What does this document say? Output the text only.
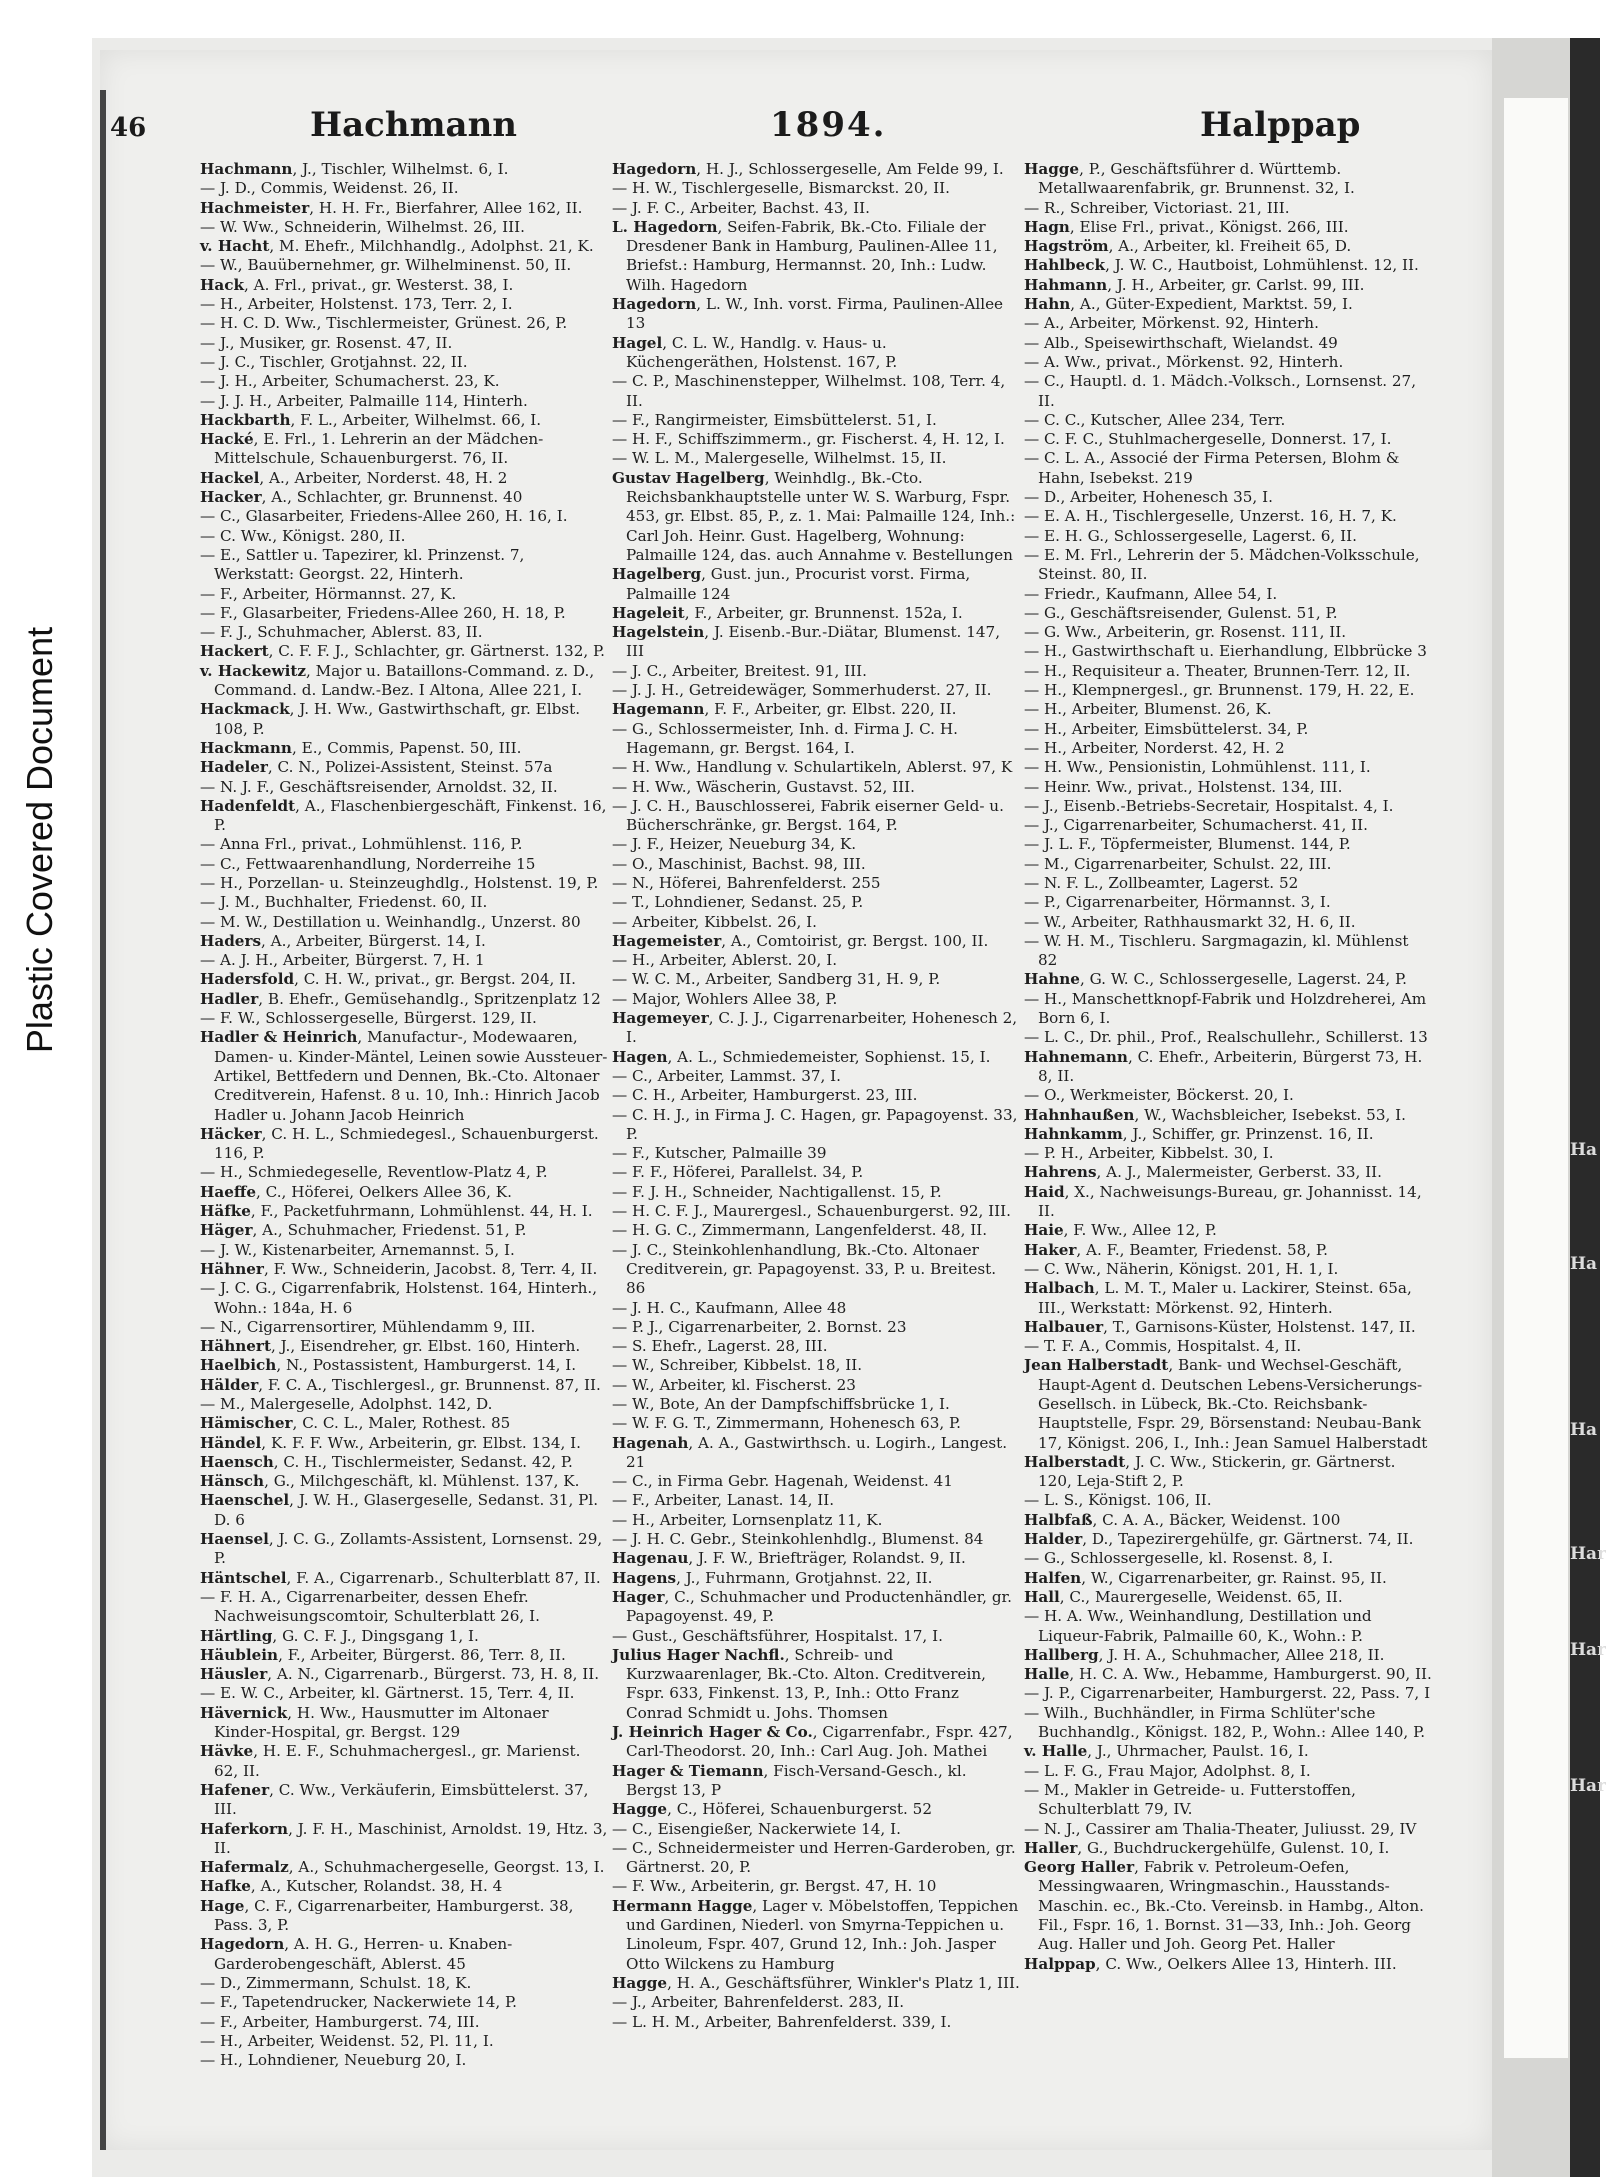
Plastic Covered Document
Ha
Ha
Ha
Har
Har
Har
46	Hachmann	1894.	Halppap

Hachmann, J., Tischler, Wilhelmst. 6, I.

— J. D., Commis, Weidenst. 26, II.

Hachmeister, H. H. Fr., Bierfahrer, Allee 162, II.

— W. Ww., Schneiderin, Wilhelmst. 26, III.

v. Hacht, M. Ehefr., Milchhandlg., Adolphst. 21, K.

— W., Bauübernehmer, gr. Wilhelminenst. 50, II.

Hack, A. Frl., privat., gr. Westerst. 38, I.

— H., Arbeiter, Holstenst. 173, Terr. 2, I.

— H. C. D. Ww., Tischlermeister, Grünest. 26, P.

— J., Musiker, gr. Rosenst. 47, II.

— J. C., Tischler, Grotjahnst. 22, II.

— J. H., Arbeiter, Schumacherst. 23, K.

— J. J. H., Arbeiter, Palmaille 114, Hinterh.

Hackbarth, F. L., Arbeiter, Wilhelmst. 66, I.

Hacké, E. Frl., 1. Lehrerin an der Mädchen-Mittelschule, Schauenburgerst. 76, II.

Hackel, A., Arbeiter, Norderst. 48, H. 2

Hacker, A., Schlachter, gr. Brunnenst. 40

— C., Glasarbeiter, Friedens-Allee 260, H. 16, I.

— C. Ww., Königst. 280, II.

— E., Sattler u. Tapezirer, kl. Prinzenst. 7, Werkstatt: Georgst. 22, Hinterh.

— F., Arbeiter, Hörmannst. 27, K.

— F., Glasarbeiter, Friedens-Allee 260, H. 18, P.

— F. J., Schuhmacher, Ablerst. 83, II.

Hackert, C. F. F. J., Schlachter, gr. Gärtnerst. 132, P.

v. Hackewitz, Major u. Bataillons-Command. z. D., Command. d. Landw.-Bez. I Altona, Allee 221, I.

Hackmack, J. H. Ww., Gastwirthschaft, gr. Elbst. 108, P.

Hackmann, E., Commis, Papenst. 50, III.

Hadeler, C. N., Polizei-Assistent, Steinst. 57a

— N. J. F., Geschäftsreisender, Arnoldst. 32, II.

Hadenfeldt, A., Flaschenbiergeschäft, Finkenst. 16, P.

— Anna Frl., privat., Lohmühlenst. 116, P.

— C., Fettwaarenhandlung, Norderreihe 15

— H., Porzellan- u. Steinzeughdlg., Holstenst. 19, P.

— J. M., Buchhalter, Friedenst. 60, II.

— M. W., Destillation u. Weinhandlg., Unzerst. 80

Haders, A., Arbeiter, Bürgerst. 14, I.

— A. J. H., Arbeiter, Bürgerst. 7, H. 1

Hadersfold, C. H. W., privat., gr. Bergst. 204, II.

Hadler, B. Ehefr., Gemüsehandlg., Spritzenplatz 12

— F. W., Schlossergeselle, Bürgerst. 129, II.

Hadler & Heinrich, Manufactur-, Modewaaren, Damen- u. Kinder-Mäntel, Leinen sowie Aussteuer-Artikel, Bettfedern und Dennen, Bk.-Cto. Altonaer Creditverein, Hafenst. 8 u. 10, Inh.: Hinrich Jacob Hadler u. Johann Jacob Heinrich

Häcker, C. H. L., Schmiedegesl., Schauenburgerst. 116, P.

— H., Schmiedegeselle, Reventlow-Platz 4, P.

Haeffe, C., Höferei, Oelkers Allee 36, K.

Häfke, F., Packetfuhrmann, Lohmühlenst. 44, H. I.

Häger, A., Schuhmacher, Friedenst. 51, P.

— J. W., Kistenarbeiter, Arnemannst. 5, I.

Hähner, F. Ww., Schneiderin, Jacobst. 8, Terr. 4, II.

— J. C. G., Cigarrenfabrik, Holstenst. 164, Hinterh., Wohn.: 184a, H. 6

— N., Cigarrensortirer, Mühlendamm 9, III.

Hähnert, J., Eisendreher, gr. Elbst. 160, Hinterh.

Haelbich, N., Postassistent, Hamburgerst. 14, I.

Hälder, F. C. A., Tischlergesl., gr. Brunnenst. 87, II.

— M., Malergeselle, Adolphst. 142, D.

Hämischer, C. C. L., Maler, Rothest. 85

Händel, K. F. F. Ww., Arbeiterin, gr. Elbst. 134, I.

Haensch, C. H., Tischlermeister, Sedanst. 42, P.

Hänsch, G., Milchgeschäft, kl. Mühlenst. 137, K.

Haenschel, J. W. H., Glasergeselle, Sedanst. 31, Pl. D. 6

Haensel, J. C. G., Zollamts-Assistent, Lornsenst. 29, P.

Häntschel, F. A., Cigarrenarb., Schulterblatt 87, II.

— F. H. A., Cigarrenarbeiter, dessen Ehefr. Nachweisungscomtoir, Schulterblatt 26, I.

Härtling, G. C. F. J., Dingsgang 1, I.

Häublein, F., Arbeiter, Bürgerst. 86, Terr. 8, II.

Häusler, A. N., Cigarrenarb., Bürgerst. 73, H. 8, II.

— E. W. C., Arbeiter, kl. Gärtnerst. 15, Terr. 4, II.

Hävernick, H. Ww., Hausmutter im Altonaer Kinder-Hospital, gr. Bergst. 129

Hävke, H. E. F., Schuhmachergesl., gr. Marienst. 62, II.

Hafener, C. Ww., Verkäuferin, Eimsbüttelerst. 37, III.

Haferkorn, J. F. H., Maschinist, Arnoldst. 19, Htz. 3, II.

Hafermalz, A., Schuhmachergeselle, Georgst. 13, I.

Hafke, A., Kutscher, Rolandst. 38, H. 4

Hage, C. F., Cigarrenarbeiter, Hamburgerst. 38, Pass. 3, P.

Hagedorn, A. H. G., Herren- u. Knaben-Garderobengeschäft, Ablerst. 45

— D., Zimmermann, Schulst. 18, K.

— F., Tapetendrucker, Nackerwiete 14, P.

— F., Arbeiter, Hamburgerst. 74, III.

— H., Arbeiter, Weidenst. 52, Pl. 11, I.

— H., Lohndiener, Neueburg 20, I.

Hagedorn, H. J., Schlossergeselle, Am Felde 99, I.

— H. W., Tischlergeselle, Bismarckst. 20, II.

— J. F. C., Arbeiter, Bachst. 43, II.

L. Hagedorn, Seifen-Fabrik, Bk.-Cto. Filiale der Dresdener Bank in Hamburg, Paulinen-Allee 11, Briefst.: Hamburg, Hermannst. 20, Inh.: Ludw. Wilh. Hagedorn

Hagedorn, L. W., Inh. vorst. Firma, Paulinen-Allee 13

Hagel, C. L. W., Handlg. v. Haus- u. Küchengeräthen, Holstenst. 167, P.

— C. P., Maschinenstepper, Wilhelmst. 108, Terr. 4, II.

— F., Rangirmeister, Eimsbüttelerst. 51, I.

— H. F., Schiffszimmerm., gr. Fischerst. 4, H. 12, I.

— W. L. M., Malergeselle, Wilhelmst. 15, II.

Gustav Hagelberg, Weinhdlg., Bk.-Cto. Reichsbankhauptstelle unter W. S. Warburg, Fspr. 453, gr. Elbst. 85, P., z. 1. Mai: Palmaille 124, Inh.: Carl Joh. Heinr. Gust. Hagelberg, Wohnung: Palmaille 124, das. auch Annahme v. Bestellungen

Hagelberg, Gust. jun., Procurist vorst. Firma, Palmaille 124

Hageleit, F., Arbeiter, gr. Brunnenst. 152a, I.

Hagelstein, J. Eisenb.-Bur.-Diätar, Blumenst. 147, III

— J. C., Arbeiter, Breitest. 91, III.

— J. J. H., Getreidewäger, Sommerhuderst. 27, II.

Hagemann, F. F., Arbeiter, gr. Elbst. 220, II.

— G., Schlossermeister, Inh. d. Firma J. C. H. Hagemann, gr. Bergst. 164, I.

— H. Ww., Handlung v. Schulartikeln, Ablerst. 97, K

— H. Ww., Wäscherin, Gustavst. 52, III.

— J. C. H., Bauschlosserei, Fabrik eiserner Geld- u. Bücherschränke, gr. Bergst. 164, P.

— J. F., Heizer, Neueburg 34, K.

— O., Maschinist, Bachst. 98, III.

— N., Höferei, Bahrenfelderst. 255

— T., Lohndiener, Sedanst. 25, P.

— Arbeiter, Kibbelst. 26, I.

Hagemeister, A., Comtoirist, gr. Bergst. 100, II.

— H., Arbeiter, Ablerst. 20, I.

— W. C. M., Arbeiter, Sandberg 31, H. 9, P.

— Major, Wohlers Allee 38, P.

Hagemeyer, C. J. J., Cigarrenarbeiter, Hohenesch 2, I.

Hagen, A. L., Schmiedemeister, Sophienst. 15, I.

— C., Arbeiter, Lammst. 37, I.

— C. H., Arbeiter, Hamburgerst. 23, III.

— C. H. J., in Firma J. C. Hagen, gr. Papagoyenst. 33, P.

— F., Kutscher, Palmaille 39

— F. F., Höferei, Parallelst. 34, P.

— F. J. H., Schneider, Nachtigallenst. 15, P.

— H. C. F. J., Maurergesl., Schauenburgerst. 92, III.

— H. G. C., Zimmermann, Langenfelderst. 48, II.

— J. C., Steinkohlenhandlung, Bk.-Cto. Altonaer Creditverein, gr. Papagoyenst. 33, P. u. Breitest. 86

— J. H. C., Kaufmann, Allee 48

— P. J., Cigarrenarbeiter, 2. Bornst. 23

— S. Ehefr., Lagerst. 28, III.

— W., Schreiber, Kibbelst. 18, II.

— W., Arbeiter, kl. Fischerst. 23

— W., Bote, An der Dampfschiffsbrücke 1, I.

— W. F. G. T., Zimmermann, Hohenesch 63, P.

Hagenah, A. A., Gastwirthsch. u. Logirh., Langest. 21

— C., in Firma Gebr. Hagenah, Weidenst. 41

— F., Arbeiter, Lanast. 14, II.

— H., Arbeiter, Lornsenplatz 11, K.

— J. H. C. Gebr., Steinkohlenhdlg., Blumenst. 84

Hagenau, J. F. W., Briefträger, Rolandst. 9, II.

Hagens, J., Fuhrmann, Grotjahnst. 22, II.

Hager, C., Schuhmacher und Productenhändler, gr. Papagoyenst. 49, P.

— Gust., Geschäftsführer, Hospitalst. 17, I.

Julius Hager Nachfl., Schreib- und Kurzwaarenlager, Bk.-Cto. Alton. Creditverein, Fspr. 633, Finkenst. 13, P., Inh.: Otto Franz Conrad Schmidt u. Johs. Thomsen

J. Heinrich Hager & Co., Cigarrenfabr., Fspr. 427, Carl-Theodorst. 20, Inh.: Carl Aug. Joh. Mathei

Hager & Tiemann, Fisch-Versand-Gesch., kl. Bergst 13, P

Hagge, C., Höferei, Schauenburgerst. 52

— C., Eisengießer, Nackerwiete 14, I.

— C., Schneidermeister und Herren-Garderoben, gr. Gärtnerst. 20, P.

— F. Ww., Arbeiterin, gr. Bergst. 47, H. 10

Hermann Hagge, Lager v. Möbelstoffen, Teppichen und Gardinen, Niederl. von Smyrna-Teppichen u. Linoleum, Fspr. 407, Grund 12, Inh.: Joh. Jasper Otto Wilckens zu Hamburg

Hagge, H. A., Geschäftsführer, Winkler's Platz 1, III.

— J., Arbeiter, Bahrenfelderst. 283, II.

— L. H. M., Arbeiter, Bahrenfelderst. 339, I.

Hagge, P., Geschäftsführer d. Württemb. Metallwaarenfabrik, gr. Brunnenst. 32, I.

— R., Schreiber, Victoriast. 21, III.

Hagn, Elise Frl., privat., Königst. 266, III.

Hagström, A., Arbeiter, kl. Freiheit 65, D.

Hahlbeck, J. W. C., Hautboist, Lohmühlenst. 12, II.

Hahmann, J. H., Arbeiter, gr. Carlst. 99, III.

Hahn, A., Güter-Expedient, Marktst. 59, I.

— A., Arbeiter, Mörkenst. 92, Hinterh.

— Alb., Speisewirthschaft, Wielandst. 49

— A. Ww., privat., Mörkenst. 92, Hinterh.

— C., Hauptl. d. 1. Mädch.-Volksch., Lornsenst. 27, II.

— C. C., Kutscher, Allee 234, Terr.

— C. F. C., Stuhlmachergeselle, Donnerst. 17, I.

— C. L. A., Associé der Firma Petersen, Blohm & Hahn, Isebekst. 219

— D., Arbeiter, Hohenesch 35, I.

— E. A. H., Tischlergeselle, Unzerst. 16, H. 7, K.

— E. H. G., Schlossergeselle, Lagerst. 6, II.

— E. M. Frl., Lehrerin der 5. Mädchen-Volksschule, Steinst. 80, II.

— Friedr., Kaufmann, Allee 54, I.

— G., Geschäftsreisender, Gulenst. 51, P.

— G. Ww., Arbeiterin, gr. Rosenst. 111, II.

— H., Gastwirthschaft u. Eierhandlung, Elbbrücke 3

— H., Requisiteur a. Theater, Brunnen-Terr. 12, II.

— H., Klempnergesl., gr. Brunnenst. 179, H. 22, E.

— H., Arbeiter, Blumenst. 26, K.

— H., Arbeiter, Eimsbüttelerst. 34, P.

— H., Arbeiter, Norderst. 42, H. 2

— H. Ww., Pensionistin, Lohmühlenst. 111, I.

— Heinr. Ww., privat., Holstenst. 134, III.

— J., Eisenb.-Betriebs-Secretair, Hospitalst. 4, I.

— J., Cigarrenarbeiter, Schumacherst. 41, II.

— J. L. F., Töpfermeister, Blumenst. 144, P.

— M., Cigarrenarbeiter, Schulst. 22, III.

— N. F. L., Zollbeamter, Lagerst. 52

— P., Cigarrenarbeiter, Hörmannst. 3, I.

— W., Arbeiter, Rathhausmarkt 32, H. 6, II.

— W. H. M., Tischleru. Sargmagazin, kl. Mühlenst 82

Hahne, G. W. C., Schlossergeselle, Lagerst. 24, P.

— H., Manschettknopf-Fabrik und Holzdreherei, Am Born 6, I.

— L. C., Dr. phil., Prof., Realschullehr., Schillerst. 13

Hahnemann, C. Ehefr., Arbeiterin, Bürgerst 73, H. 8, II.

— O., Werkmeister, Böckerst. 20, I.

Hahnhaußen, W., Wachsbleicher, Isebekst. 53, I.

Hahnkamm, J., Schiffer, gr. Prinzenst. 16, II.

— P. H., Arbeiter, Kibbelst. 30, I.

Hahrens, A. J., Malermeister, Gerberst. 33, II.

Haid, X., Nachweisungs-Bureau, gr. Johannisst. 14, II.

Haie, F. Ww., Allee 12, P.

Haker, A. F., Beamter, Friedenst. 58, P.

— C. Ww., Näherin, Königst. 201, H. 1, I.

Halbach, L. M. T., Maler u. Lackirer, Steinst. 65a, III., Werkstatt: Mörkenst. 92, Hinterh.

Halbauer, T., Garnisons-Küster, Holstenst. 147, II.

— T. F. A., Commis, Hospitalst. 4, II.

Jean Halberstadt, Bank- und Wechsel-Geschäft, Haupt-Agent d. Deutschen Lebens-Versicherungs-Gesellsch. in Lübeck, Bk.-Cto. Reichsbank-Hauptstelle, Fspr. 29, Börsenstand: Neubau-Bank 17, Königst. 206, I., Inh.: Jean Samuel Halberstadt

Halberstadt, J. C. Ww., Stickerin, gr. Gärtnerst. 120, Leja-Stift 2, P.

— L. S., Königst. 106, II.

Halbfaß, C. A. A., Bäcker, Weidenst. 100

Halder, D., Tapezirergehülfe, gr. Gärtnerst. 74, II.

— G., Schlossergeselle, kl. Rosenst. 8, I.

Halfen, W., Cigarrenarbeiter, gr. Rainst. 95, II.

Hall, C., Maurergeselle, Weidenst. 65, II.

— H. A. Ww., Weinhandlung, Destillation und Liqueur-Fabrik, Palmaille 60, K., Wohn.: P.

Hallberg, J. H. A., Schuhmacher, Allee 218, II.

Halle, H. C. A. Ww., Hebamme, Hamburgerst. 90, II.

— J. P., Cigarrenarbeiter, Hamburgerst. 22, Pass. 7, I

— Wilh., Buchhändler, in Firma Schlüter'sche Buchhandlg., Königst. 182, P., Wohn.: Allee 140, P.

v. Halle, J., Uhrmacher, Paulst. 16, I.

— L. F. G., Frau Major, Adolphst. 8, I.

— M., Makler in Getreide- u. Futterstoffen, Schulterblatt 79, IV.

— N. J., Cassirer am Thalia-Theater, Juliusst. 29, IV

Haller, G., Buchdruckergehülfe, Gulenst. 10, I.

Georg Haller, Fabrik v. Petroleum-Oefen, Messingwaaren, Wringmaschin., Hausstands-Maschin. ec., Bk.-Cto. Vereinsb. in Hambg., Alton. Fil., Fspr. 16, 1. Bornst. 31—33, Inh.: Joh. Georg Aug. Haller und Joh. Georg Pet. Haller

Halppap, C. Ww., Oelkers Allee 13, Hinterh. III.
